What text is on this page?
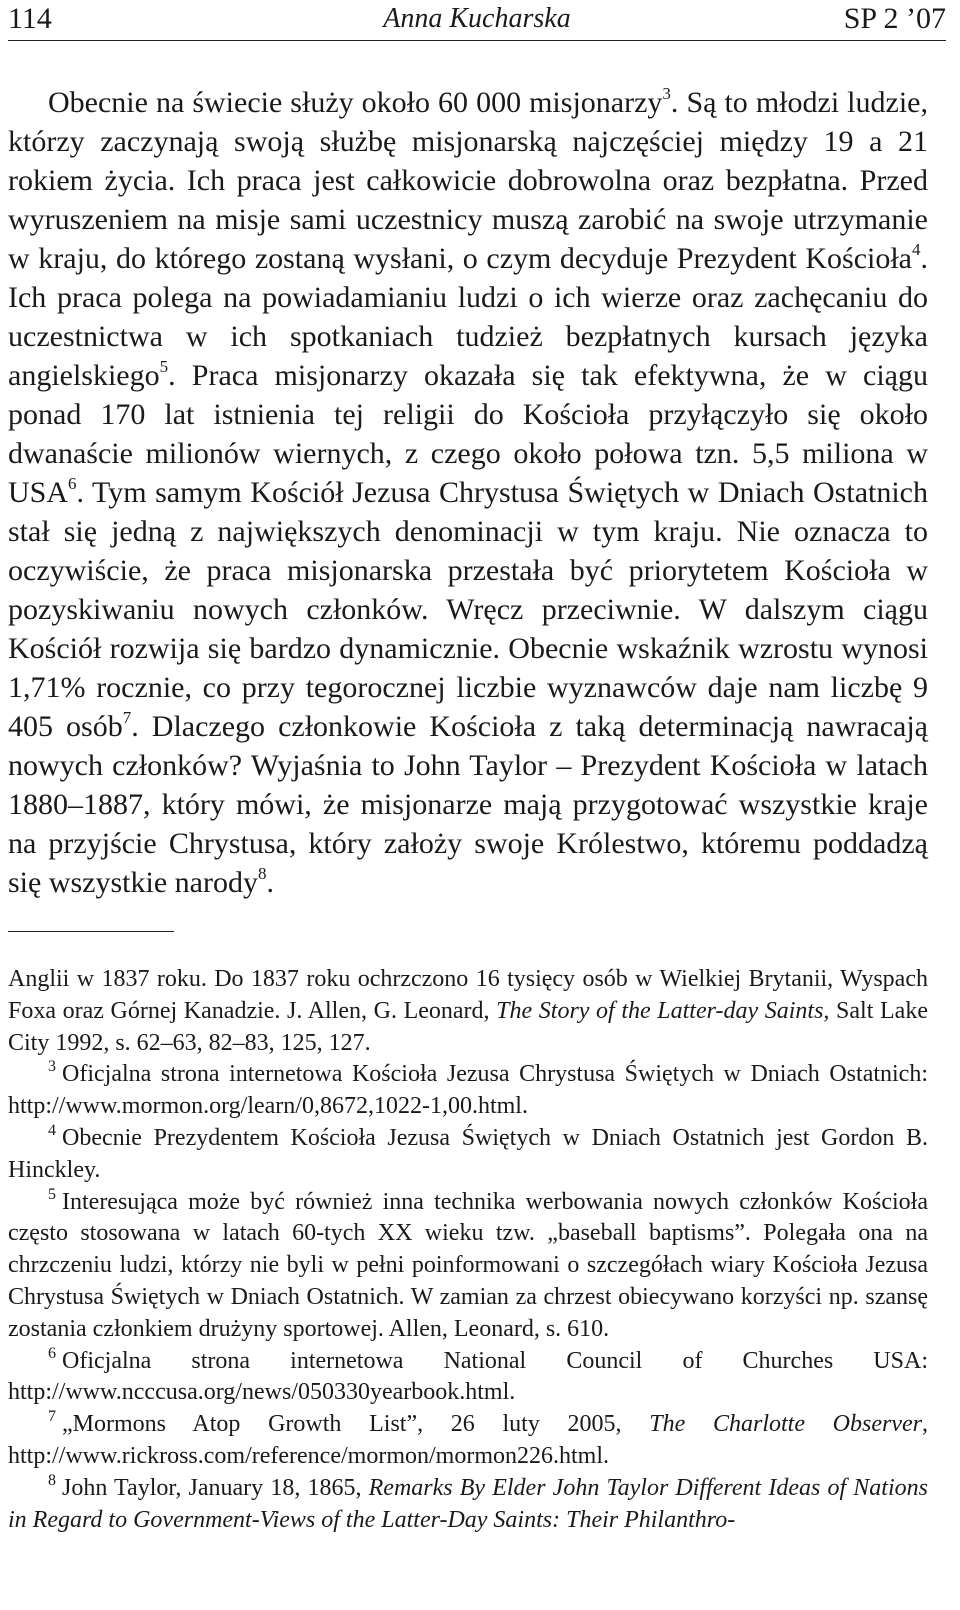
114	Anna Kucharska	SP 2 ’07

Obecnie na świecie służy około 60 000 misjonarzy$^3$. Są to młodzi ludzie, którzy zaczynają swoją służbę misjonarską najczęściej między 19 a 21 rokiem życia. Ich praca jest całkowicie dobrowolna oraz bezpłatna. Przed wyruszeniem na misje sami uczestnicy muszą zarobić na swoje utrzymanie w kraju, do którego zostaną wysłani, o czym decyduje Prezydent Kościoła$^4$. Ich praca polega na powiadamianiu ludzi o ich wierze oraz zachęcaniu do uczestnictwa w ich spotkaniach tudzież bezpłatnych kursach języka angielskiego$^5$. Praca misjonarzy okazała się tak efektywna, że w ciągu ponad 170 lat istnienia tej religii do Kościoła przyłączyło się około dwanaście milionów wiernych, z czego około połowa tzn. 5,5 miliona w USA$^6$. Tym samym Kościół Jezusa Chrystusa Świętych w Dniach Ostatnich stał się jedną z największych denominacji w tym kraju. Nie oznacza to oczywiście, że praca misjonarska przestała być priorytetem Kościoła w pozyskiwaniu nowych członków. Wręcz przeciwnie. W dalszym ciągu Kościół rozwija się bardzo dynamicznie. Obecnie wskaźnik wzrostu wynosi 1,71% rocznie, co przy tegorocznej liczbie wyznawców daje nam liczbę 9 405 osób$^7$. Dlaczego członkowie Kościoła z taką determinacją nawracają nowych członków? Wyjaśnia to John Taylor – Prezydent Kościoła w latach 1880–1887, który mówi, że misjonarze mają przygotować wszystkie kraje na przyjście Chrystusa, który założy swoje Królestwo, któremu poddadzą się wszystkie narody$^8$.

Anglii w 1837 roku. Do 1837 roku ochrzczono 16 tysięcy osób w Wielkiej Brytanii, Wyspach Foxa oraz Górnej Kanadzie. J. Allen, G. Leonard, The Story of the Latter-day Saints, Salt Lake City 1992, s. 62–63, 82–83, 125, 127.

$^3$ Oficjalna strona internetowa Kościoła Jezusa Chrystusa Świętych w Dniach Ostatnich: http://www.mormon.org/learn/0,8672,1022-1,00.html.

$^4$ Obecnie Prezydentem Kościoła Jezusa Świętych w Dniach Ostatnich jest Gordon B. Hinckley.

$^5$ Interesująca może być również inna technika werbowania nowych członków Kościoła często stosowana w latach 60-tych XX wieku tzw. „baseball baptisms”. Polegała ona na chrzczeniu ludzi, którzy nie byli w pełni poinformowani o szczegółach wiary Kościoła Jezusa Chrystusa Świętych w Dniach Ostatnich. W zamian za chrzest obiecywano korzyści np. szansę zostania członkiem drużyny sportowej. Allen, Leonard, s. 610.

$^6$ Oficjalna strona internetowa National Council of Churches USA: http://www.ncccusa.org/news/050330yearbook.html.

$^7$ „Mormons Atop Growth List”, 26 luty 2005, The Charlotte Observer, http://www.rickross.com/reference/mormon/mormon226.html.

$^8$ John Taylor, January 18, 1865, Remarks By Elder John Taylor Different Ideas of Nations in Regard to Government-Views of the Latter-Day Saints: Their Philanthro-
